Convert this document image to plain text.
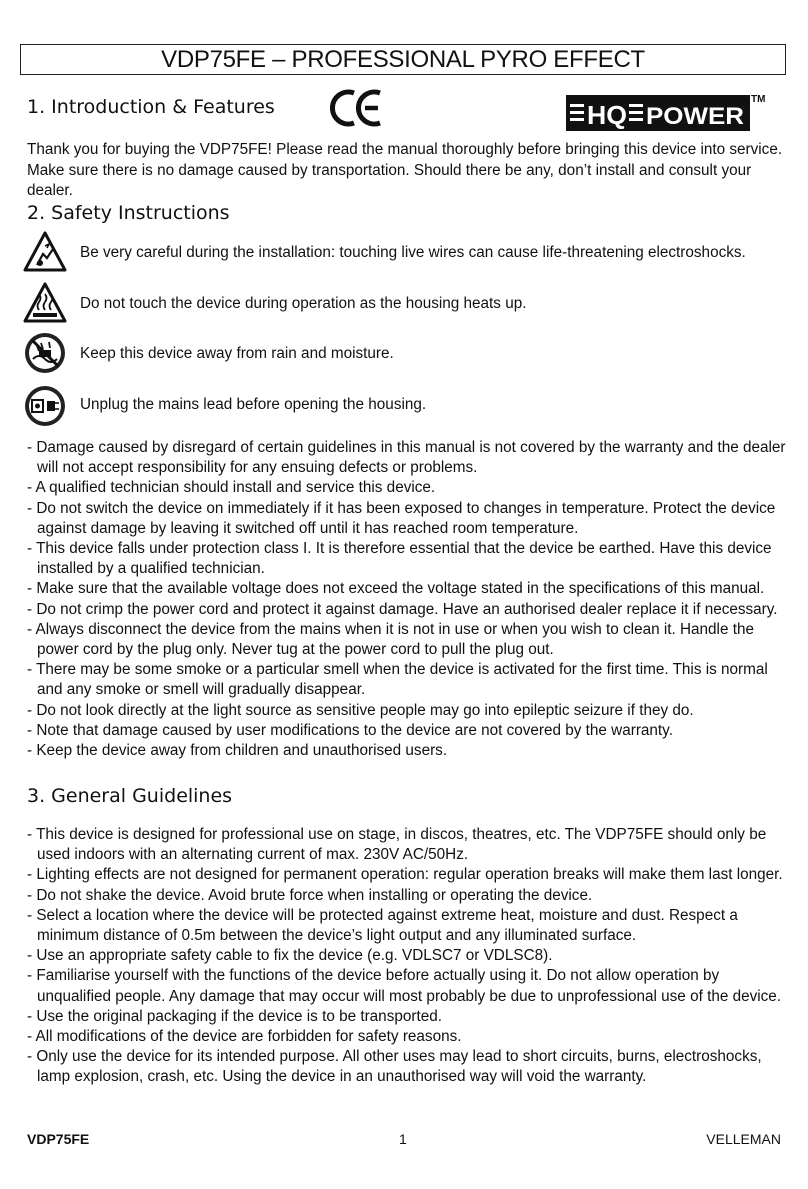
VDP75FE – PROFESSIONAL PYRO EFFECT
1. Introduction & Features	HQ POWER
TM

Thank you for buying the VDP75FE! Please read the manual thoroughly before bringing this device into service. Make sure there is no damage caused by transportation. Should there be any, don’t install and consult your dealer.

2. Safety Instructions
Be very careful during the installation: touching live wires can cause life-threatening electroshocks.
Do not touch the device during operation as the housing heats up.
Keep this device away from rain and moisture.
Unplug the mains lead before opening the housing.
- Damage caused by disregard of certain guidelines in this manual is not covered by the warranty and the dealer will not accept responsibility for any ensuing defects or problems.
- A qualified technician should install and service this device.
- Do not switch the device on immediately if it has been exposed to changes in temperature. Protect the device against damage by leaving it switched off until it has reached room temperature.
- This device falls under protection class I. It is therefore essential that the device be earthed. Have this device installed by a qualified technician.
- Make sure that the available voltage does not exceed the voltage stated in the specifications of this manual.
- Do not crimp the power cord and protect it against damage. Have an authorised dealer replace it if necessary.
- Always disconnect the device from the mains when it is not in use or when you wish to clean it. Handle the power cord by the plug only. Never tug at the power cord to pull the plug out.
- There may be some smoke or a particular smell when the device is activated for the first time. This is normal and any smoke or smell will gradually disappear.
- Do not look directly at the light source as sensitive people may go into epileptic seizure if they do.
- Note that damage caused by user modifications to the device are not covered by the warranty.
- Keep the device away from children and unauthorised users.
3. General Guidelines
- This device is designed for professional use on stage, in discos, theatres, etc. The VDP75FE should only be used indoors with an alternating current of max. 230V AC/50Hz.
- Lighting effects are not designed for permanent operation: regular operation breaks will make them last longer.
- Do not shake the device. Avoid brute force when installing or operating the device.
- Select a location where the device will be protected against extreme heat, moisture and dust. Respect a minimum distance of 0.5m between the device’s light output and any illuminated surface.
- Use an appropriate safety cable to fix the device (e.g. VDLSC7 or VDLSC8).
- Familiarise yourself with the functions of the device before actually using it. Do not allow operation by unqualified people. Any damage that may occur will most probably be due to unprofessional use of the device.
- Use the original packaging if the device is to be transported.
- All modifications of the device are forbidden for safety reasons.
- Only use the device for its intended purpose. All other uses may lead to short circuits, burns, electroshocks, lamp explosion, crash, etc. Using the device in an unauthorised way will void the warranty.
VDP75FE	1	VELLEMAN
